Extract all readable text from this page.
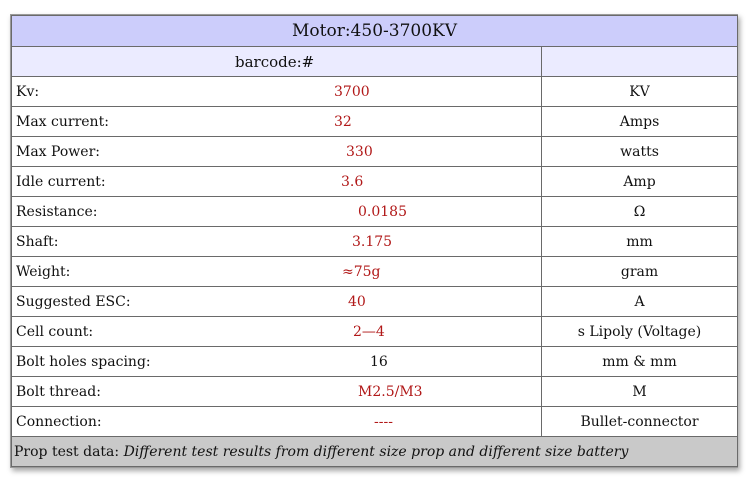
Motor:450-3700KV	
barcode:#	

Kv: 3700	KV

Max current: 32	Amps

Max Power: 330	watts

Idle current: 3.6	Amp

Resistance: 0.0185	Ω

Shaft: 3.175	mm

Weight: ≈75g	gram

Suggested ESC: 40	A

Cell count: 2—4	s Lipoly (Voltage)

Bolt holes spacing: 16	mm & mm

Bolt thread: M2.5/M3	M

Connection: ----	Bullet-connector
Prop test data: Different test results from different size prop and different size battery	
